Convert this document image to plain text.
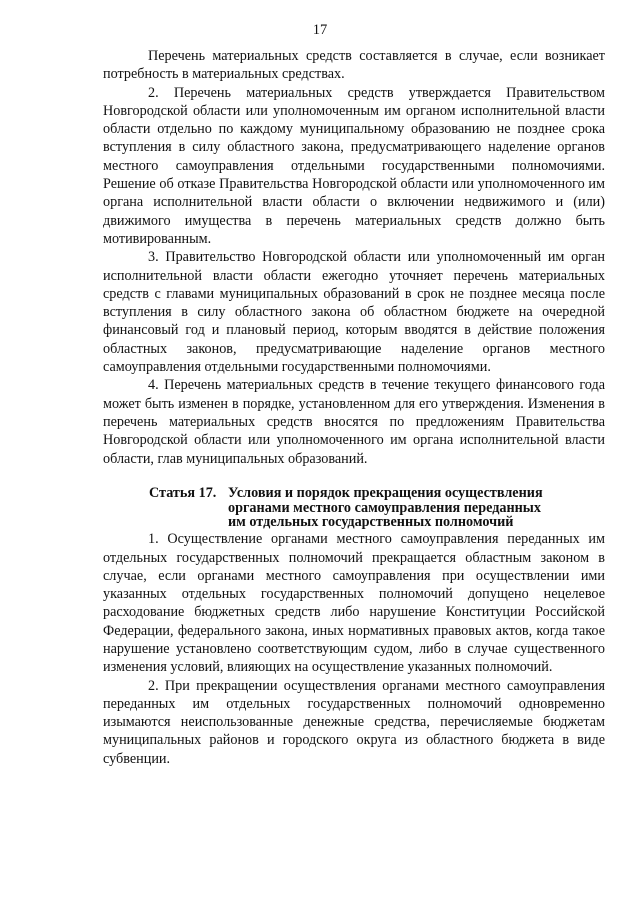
17

Перечень материальных средств составляется в случае, если возникает потребность в материальных средствах.

2. Перечень материальных средств утверждается Правительством Новгородской области или уполномоченным им органом исполнительной власти области отдельно по каждому муниципальному образованию не позднее срока вступления в силу областного закона, предусматривающего наделение органов местного самоуправления отдельными государственными полномочиями. Решение об отказе Правительства Новгородской области или уполномоченного им органа исполнительной власти области о включении недвижимого и (или) движимого имущества в перечень материальных средств должно быть мотивированным.

3. Правительство Новгородской области или уполномоченный им орган исполнительной власти области ежегодно уточняет перечень материальных средств с главами муниципальных образований в срок не позднее месяца после вступления в силу областного закона об областном бюджете на очередной финансовый год и плановый период, которым вводятся в действие положения областных законов, предусматривающие наделение органов местного самоуправления отдельными государственными полномочиями.

4. Перечень материальных средств в течение текущего финансового года может быть изменен в порядке, установленном для его утверждения. Изменения в перечень материальных средств вносятся по предложениям Правительства Новгородской области или уполномоченного им органа исполнительной власти области, глав муниципальных образований.

Статья 17. Условия и порядок прекращения осуществления
органами местного самоуправления переданных
им отдельных государственных полномочий

1. Осуществление органами местного самоуправления переданных им отдельных государственных полномочий прекращается областным законом в случае, если органами местного самоуправления при осуществлении ими указанных отдельных государственных полномочий допущено нецелевое расходование бюджетных средств либо нарушение Конституции Российской Федерации, федерального закона, иных нормативных правовых актов, когда такое нарушение установлено соответствующим судом, либо в случае существенного изменения условий, влияющих на осуществление указанных полномочий.

2. При прекращении осуществления органами местного самоуправления переданных им отдельных государственных полномочий одновременно изымаются неиспользованные денежные средства, перечисляемые бюджетам муниципальных районов и городского округа из областного бюджета в виде субвенции.
